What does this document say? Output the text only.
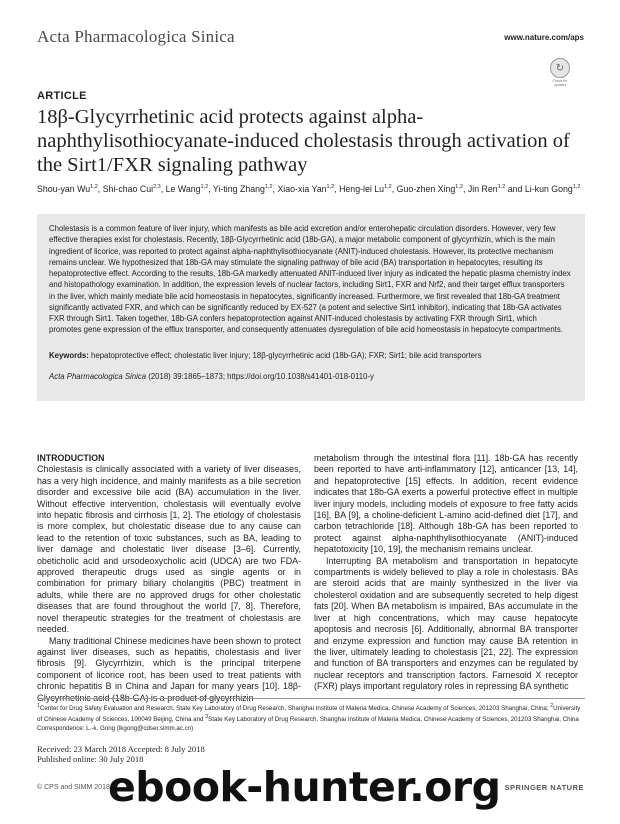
Acta Pharmacologica Sinica	www.nature.com/aps
↻
Check for
updates
ARTICLE
18β-Glycyrrhetinic acid protects against alpha-naphthylisothiocyanate-induced cholestasis through activation of the Sirt1/FXR signaling pathway
Shou-yan Wu$^{1,2}$, Shi-chao Cui$^{2,3}$, Le Wang$^{1,2}$, Yi-ting Zhang$^{1,2}$, Xiao-xia Yan$^{1,2}$, Heng-lei Lu$^{1,2}$, Guo-zhen Xing$^{1,2}$, Jin Ren$^{1,2}$ and Li-kun Gong$^{1,2}$
Cholestasis is a common feature of liver injury, which manifests as bile acid excretion and/or enterohepatic circulation disorders. However, very few effective therapies exist for cholestasis. Recently, 18β-Glycyrrhetinic acid (18b-GA), a major metabolic component of glycyrrhizin, which is the main ingredient of licorice, was reported to protect against alpha-naphthylisothiocyanate (ANIT)-induced cholestasis. However, its protective mechanism remains unclear. We hypothesized that 18b-GA may stimulate the signaling pathway of bile acid (BA) transportation in hepatocytes, resulting its hepatoprotective effect. According to the results, 18b-GA markedly attenuated ANIT-induced liver injury as indicated the hepatic plasma chemistry index and histopathology examination. In addition, the expression levels of nuclear factors, including Sirt1, FXR and Nrf2, and their target efflux transporters in the liver, which mainly mediate bile acid homeostasis in hepatocytes, significantly increased. Furthermore, we first revealed that 18b-GA treatment significantly activated FXR, and which can be significantly reduced by EX-527 (a potent and selective Sirt1 inhibitor), indicating that 18b-GA activates FXR through Sirt1. Taken together, 18b-GA confers hepatoprotection against ANIT-induced cholestasis by activating FXR through Sirt1, which promotes gene expression of the efflux transporter, and consequently attenuates dysregulation of bile acid homeostasis in hepatocyte compartments.
Keywords: hepatoprotective effect; cholestatic liver injury; 18β-glycyrrhetinic acid (18b-GA); FXR; Sirt1; bile acid transporters
Acta Pharmacologica Sinica (2018) 39:1865–1873; https://doi.org/10.1038/s41401-018-0110-y
INTRODUCTION

Cholestasis is clinically associated with a variety of liver diseases, has a very high incidence, and mainly manifests as a bile secretion disorder and excessive bile acid (BA) accumulation in the liver. Without effective intervention, cholestasis will eventually evolve into hepatic fibrosis and cirrhosis [1, 2]. The etiology of cholestasis is more complex, but cholestatic disease due to any cause can lead to the retention of toxic substances, such as BA, leading to liver damage and cholestatic liver disease [3–6]. Currently, obeticholic acid and ursodeoxycholic acid (UDCA) are two FDA-approved therapeutic drugs used as single agents or in combination for primary biliary cholangitis (PBC) treatment in adults, while there are no approved drugs for other cholestatic diseases that are found throughout the world [7, 8]. Therefore, novel therapeutic strategies for the treatment of cholestasis are needed.

Many traditional Chinese medicines have been shown to protect against liver diseases, such as hepatitis, cholestasis and liver fibrosis [9]. Glycyrrhizin, which is the principal triterpene component of licorice root, has been used to treat patients with chronic hepatitis B in China and Japan for many years [10]. 18β-Glycyrrhetinic acid (18b-GA) is a product of glycyrrhizin

metabolism through the intestinal flora [11]. 18b-GA has recently been reported to have anti-inflammatory [12], anticancer [13, 14], and hepatoprotective [15] effects. In addition, recent evidence indicates that 18b-GA exerts a powerful protective effect in multiple liver injury models, including models of exposure to free fatty acids [16], BA [9], a choline-deficient L-amino acid-defined diet [17], and carbon tetrachloride [18]. Although 18b-GA has been reported to protect against alpha-naphthylisothiocyanate (ANIT)-induced hepatotoxicity [10, 19], the mechanism remains unclear.

Interrupting BA metabolism and transportation in hepatocyte compartments is widely believed to play a role in cholestasis. BAs are steroid acids that are mainly synthesized in the liver via cholesterol oxidation and are subsequently secreted to help digest fats [20]. When BA metabolism is impaired, BAs accumulate in the liver at high concentrations, which may cause hepatocyte apoptosis and necrosis [6]. Additionally, abnormal BA transporter and enzyme expression and function may cause BA retention in the liver, ultimately leading to cholestasis [21, 22]. The expression and function of BA transporters and enzymes can be regulated by nuclear receptors and transcription factors. Farnesoid X receptor (FXR) plays important regulatory roles in repressing BA synthetic

$^1$Center for Drug Safety Evaluation and Research, State Key Laboratory of Drug Research, Shanghai Institute of Materia Medica, Chinese Academy of Sciences, 201203 Shanghai, China; $^2$University of Chinese Academy of Sciences, 100049 Beijing, China and $^3$State Key Laboratory of Drug Research, Shanghai Institute of Materia Medica, Chinese Academy of Sciences, 201203 Shanghai, China
Correspondence: L.-k. Gong (lkgong@cdser.simm.ac.cn)
Received: 23 March 2018 Accepted: 8 July 2018
Published online: 30 July 2018
© CPS and SIMM 2018	SPRINGER NATURE
ebook-hunter.org
